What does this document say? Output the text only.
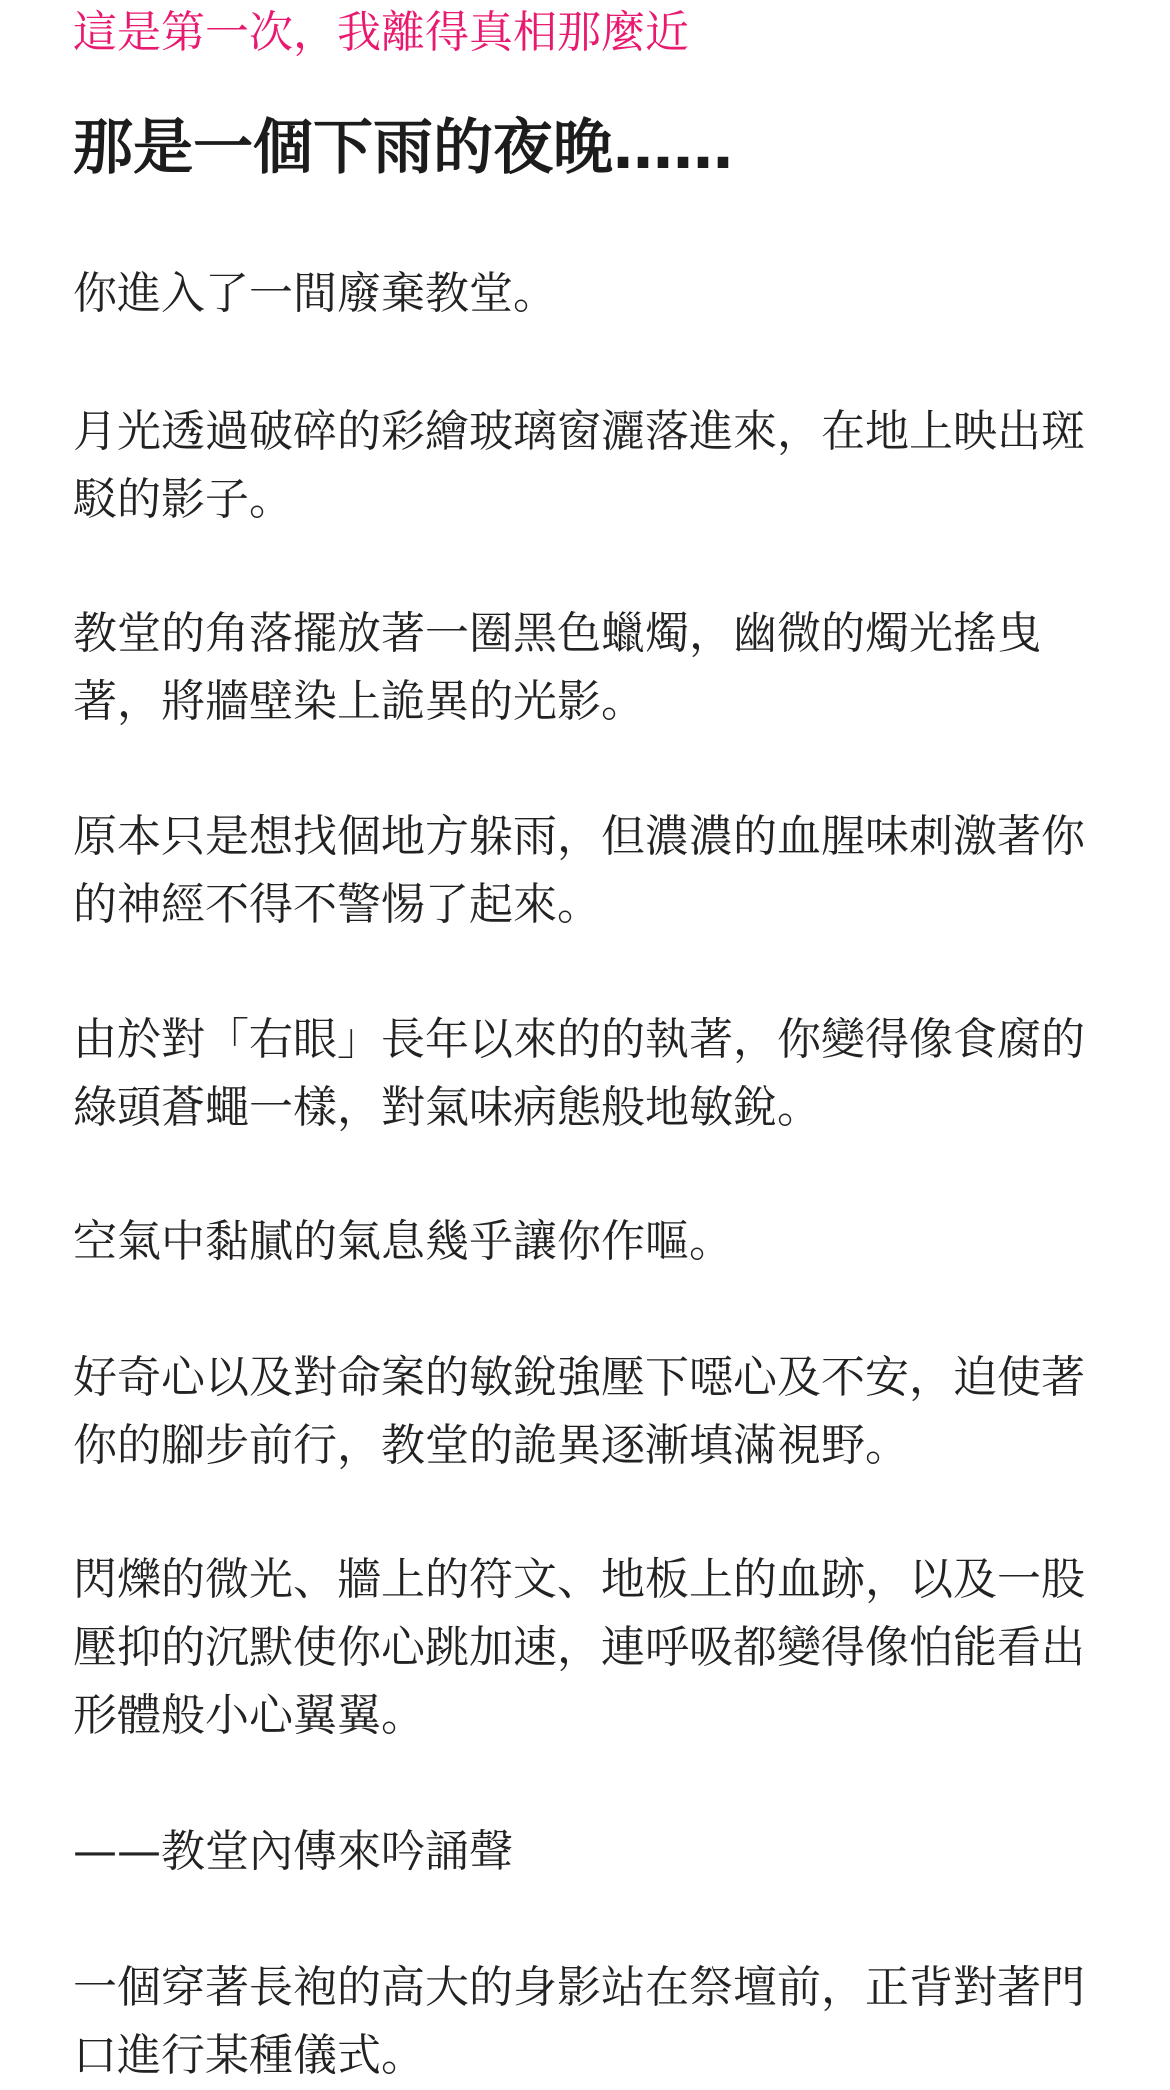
這是第一次，我離得真相那麼近
那是一個下雨的夜晚……

你進入了一間廢棄教堂。

月光透過破碎的彩繪玻璃窗灑落進來，在地上映出斑駁的影子。

教堂的角落擺放著一圈黑色蠟燭，幽微的燭光搖曳著，將牆壁染上詭異的光影。

原本只是想找個地方躲雨，但濃濃的血腥味刺激著你的神經不得不警惕了起來。

由於對「右眼」長年以來的的執著，你變得像食腐的綠頭蒼蠅一樣，對氣味病態般地敏銳。

空氣中黏膩的氣息幾乎讓你作嘔。

好奇心以及對命案的敏銳強壓下噁心及不安，迫使著你的腳步前行，教堂的詭異逐漸填滿視野。

閃爍的微光、牆上的符文、地板上的血跡，以及一股壓抑的沉默使你心跳加速，連呼吸都變得像怕能看出形體般小心翼翼。

——教堂內傳來吟誦聲

一個穿著長袍的高大的身影站在祭壇前，正背對著門口進行某種儀式。
